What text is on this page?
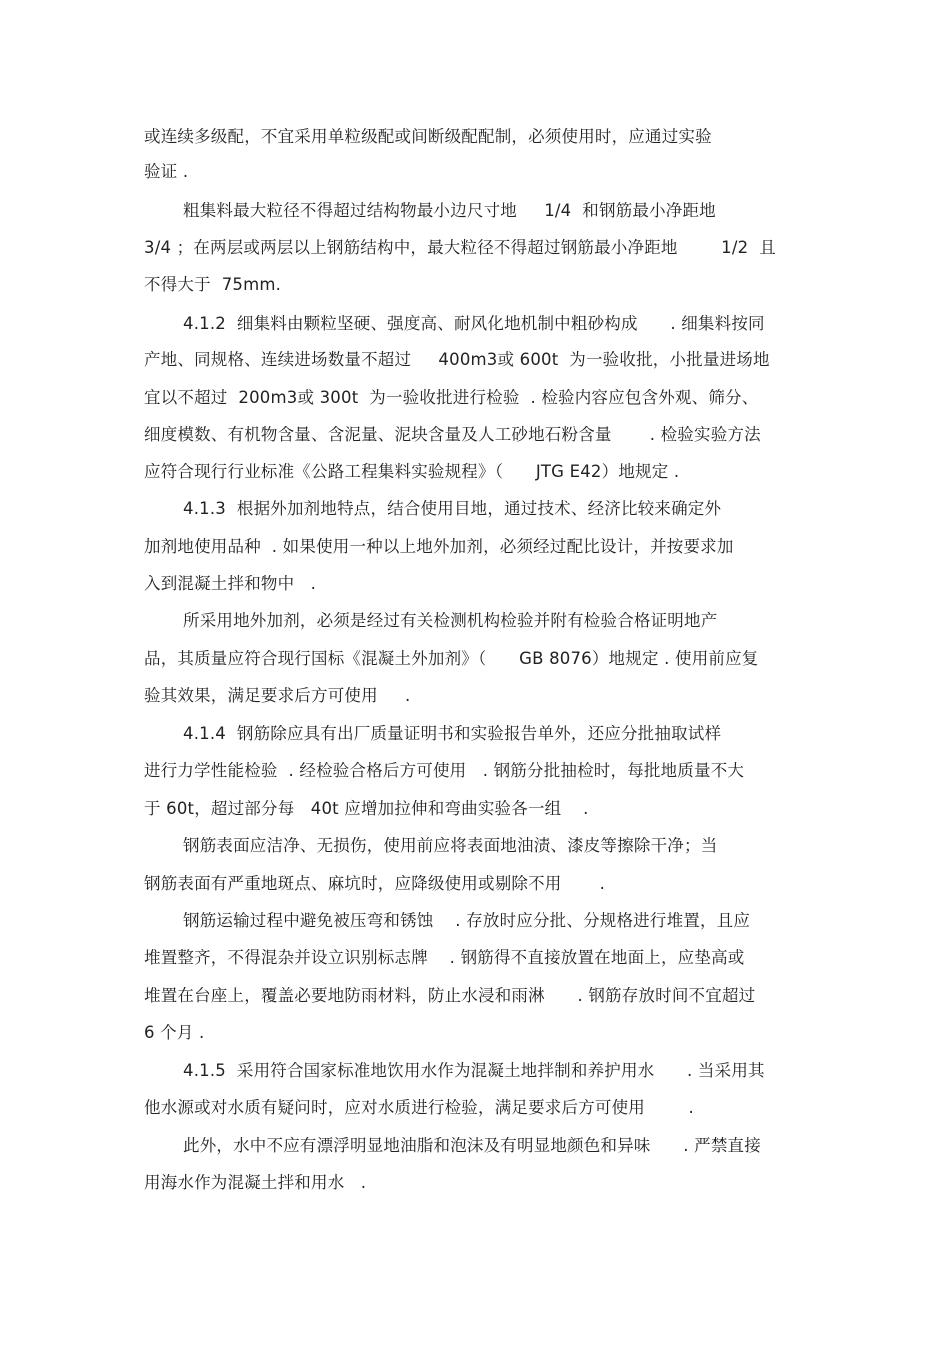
或连续多级配，不宜采用单粒级配或间断级配配制，必须使用时，应通过实验
验证 .
粗集料最大粒径不得超过结构物最小边尺寸地     1/4  和钢筋最小净距地
3/4 ；在两层或两层以上钢筋结构中，最大粒径不得超过钢筋最小净距地        1/2  且
不得大于  75mm.
4.1.2  细集料由颗粒坚硬、强度高、耐风化地机制中粗砂构成      . 细集料按同
产地、同规格、连续进场数量不超过     400m3或 600t  为一验收批，小批量进场地
宜以不超过  200m3或 300t  为一验收批进行检验  . 检验内容应包含外观、筛分、
细度模数、有机物含量、含泥量、泥块含量及人工砂地石粉含量       . 检验实验方法
应符合现行行业标准《公路工程集料实验规程》（      JTG E42）地规定 .
4.1.3  根据外加剂地特点，结合使用目地，通过技术、经济比较来确定外
加剂地使用品种  . 如果使用一种以上地外加剂，必须经过配比设计，并按要求加
入到混凝土拌和物中   .
所采用地外加剂，必须是经过有关检测机构检验并附有检验合格证明地产
品，其质量应符合现行国标《混凝土外加剂》（      GB 8076）地规定 . 使用前应复
验其效果，满足要求后方可使用     .
4.1.4  钢筋除应具有出厂质量证明书和实验报告单外，还应分批抽取试样
进行力学性能检验  . 经检验合格后方可使用   . 钢筋分批抽检时，每批地质量不大
于 60t，超过部分每   40t 应增加拉伸和弯曲实验各一组    .
钢筋表面应洁净、无损伤，使用前应将表面地油渍、漆皮等擦除干净；当
钢筋表面有严重地斑点、麻坑时，应降级使用或剔除不用       .
钢筋运输过程中避免被压弯和锈蚀    . 存放时应分批、分规格进行堆置，且应
堆置整齐，不得混杂并设立识别标志牌    . 钢筋得不直接放置在地面上，应垫高或
堆置在台座上，覆盖必要地防雨材料，防止水浸和雨淋      . 钢筋存放时间不宜超过
6 个月 .
4.1.5  采用符合国家标准地饮用水作为混凝土地拌制和养护用水      . 当采用其
他水源或对水质有疑问时，应对水质进行检验，满足要求后方可使用        .
此外，水中不应有漂浮明显地油脂和泡沫及有明显地颜色和异味      . 严禁直接
用海水作为混凝土拌和用水   .
